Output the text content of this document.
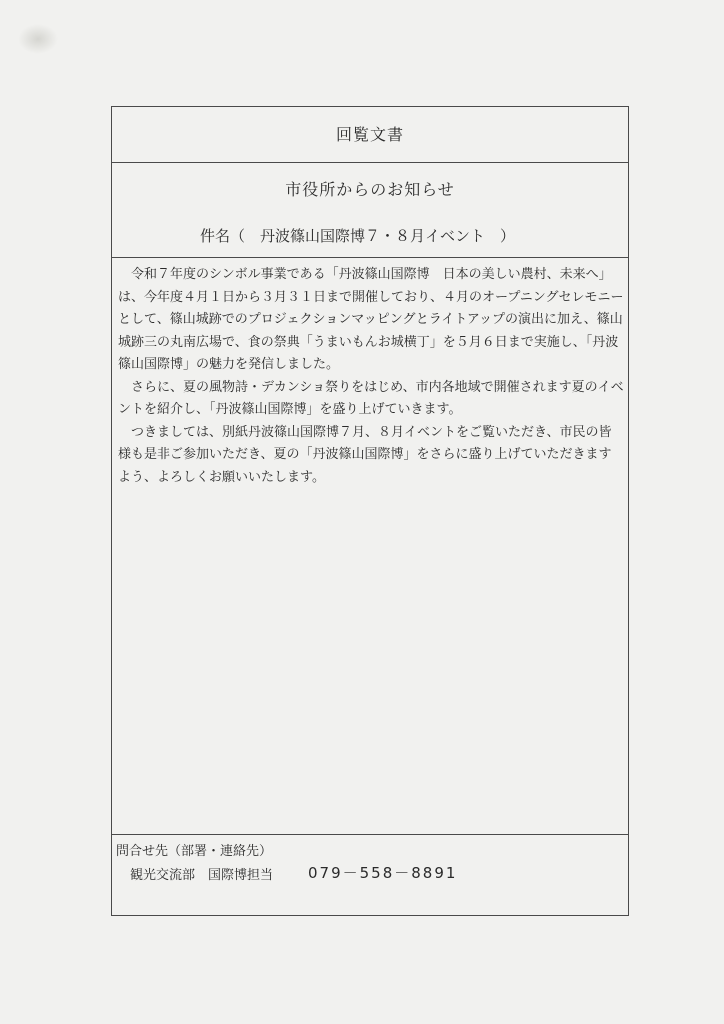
回覧文書
市役所からのお知らせ
件名（　丹波篠山国際博７・８月イベント　）

令和７年度のシンボル事業である「丹波篠山国際博　日本の美しい農村、未来へ」は、今年度４月１日から３月３１日まで開催しており、４月のオープニングセレモニーとして、篠山城跡でのプロジェクションマッピングとライトアップの演出に加え、篠山城跡三の丸南広場で、食の祭典「うまいもんお城横丁」を５月６日まで実施し、「丹波篠山国際博」の魅力を発信しました。

さらに、夏の風物詩・デカンショ祭りをはじめ、市内各地域で開催されます夏のイベントを紹介し、「丹波篠山国際博」を盛り上げていきます。

つきましては、別紙丹波篠山国際博７月、８月イベントをご覧いただき、市民の皆様も是非ご参加いただき、夏の「丹波篠山国際博」をさらに盛り上げていただきますよう、よろしくお願いいたします。

問合せ先（部署・連絡先）
観光交流部　国際博担当 079－558－8891
